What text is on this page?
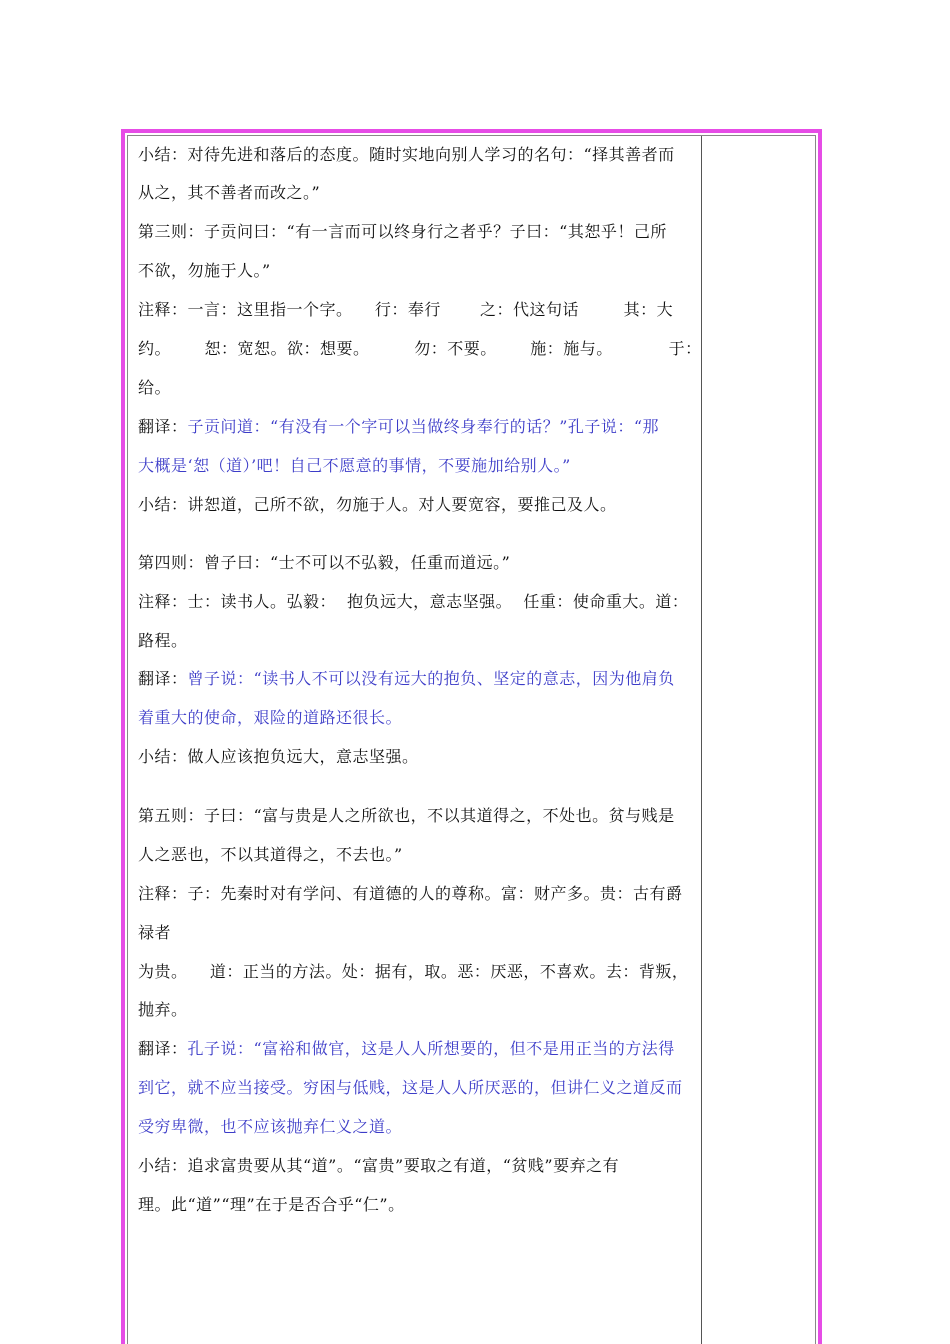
小结：对待先进和落后的态度。随时实地向别人学习的名句：“择其善者而
从之，其不善者而改之。”
第三则：子贡问曰：“有一言而可以终身行之者乎？子曰：“其恕乎！己所
不欲，勿施于人。”
注释：一言：这里指一个字。    行：奉行       之：代这句话        其：大
约。      恕：宽恕。欲：想要。        勿：不要。      施：施与。          于：
给。
翻译：子贡问道：“有没有一个字可以当做终身奉行的话？”孔子说：“那
大概是‘恕（道）’吧！自己不愿意的事情，不要施加给别人。”
小结：讲恕道，己所不欲，勿施于人。对人要宽容，要推己及人。
第四则：曾子曰：“士不可以不弘毅，任重而道远。”
注释：士：读书人。弘毅：  抱负远大，意志坚强。  任重：使命重大。道：
路程。
翻译：曾子说：“读书人不可以没有远大的抱负、坚定的意志，因为他肩负
着重大的使命，艰险的道路还很长。
小结：做人应该抱负远大，意志坚强。
第五则：子曰：“富与贵是人之所欲也，不以其道得之，不处也。贫与贱是
人之恶也，不以其道得之，不去也。”
注释：子：先秦时对有学问、有道德的人的尊称。富：财产多。贵：古有爵
禄者
为贵。    道：正当的方法。处：据有，取。恶：厌恶，不喜欢。去：背叛，
抛弃。
翻译：孔子说：“富裕和做官，这是人人所想要的，但不是用正当的方法得
到它，就不应当接受。穷困与低贱，这是人人所厌恶的，但讲仁义之道反而
受穷卑微，也不应该抛弃仁义之道。
小结：追求富贵要从其“道”。“富贵”要取之有道，“贫贱”要弃之有
理。此“道”“理”在于是否合乎“仁”。
